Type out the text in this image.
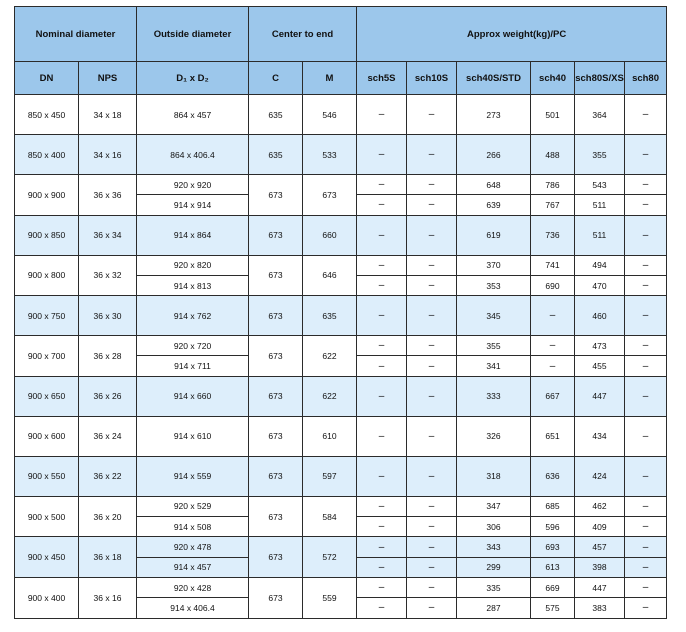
Nominal diameter		Outside diameter	Center to end		Approx weight(kg)/PC					
DN	NPS	D₁ x D₂	C	M	sch5S	sch10S	sch40S/STD	sch40	sch80S/XS	sch80
850 x 450	34 x 18	864 x 457	635	546	–	–	273	501	364	–
850 x 400	34 x 16	864 x 406.4	635	533	–	–	266	488	355	–
900 x 900	36 x 36	920 x 920	673	673	–	–	648	786	543	–
		914 x 914			–	–	639	767	511	–
900 x 850	36 x 34	914 x 864	673	660	–	–	619	736	511	–
900 x 800	36 x 32	920 x 820	673	646	–	–	370	741	494	–
		914 x 813			–	–	353	690	470	–
900 x 750	36 x 30	914 x 762	673	635	–	–	345	–	460	–
900 x 700	36 x 28	920 x 720	673	622	–	–	355	–	473	–
		914 x 711			–	–	341	–	455	–
900 x 650	36 x 26	914 x 660	673	622	–	–	333	667	447	–
900 x 600	36 x 24	914 x 610	673	610	–	–	326	651	434	–
900 x 550	36 x 22	914 x 559	673	597	–	–	318	636	424	–
900 x 500	36 x 20	920 x 529	673	584	–	–	347	685	462	–
		914 x 508			–	–	306	596	409	–
900 x 450	36 x 18	920 x 478	673	572	–	–	343	693	457	–
		914 x 457			–	–	299	613	398	–
900 x 400	36 x 16	920 x 428	673	559	–	–	335	669	447	–
		914 x 406.4			–	–	287	575	383	–
